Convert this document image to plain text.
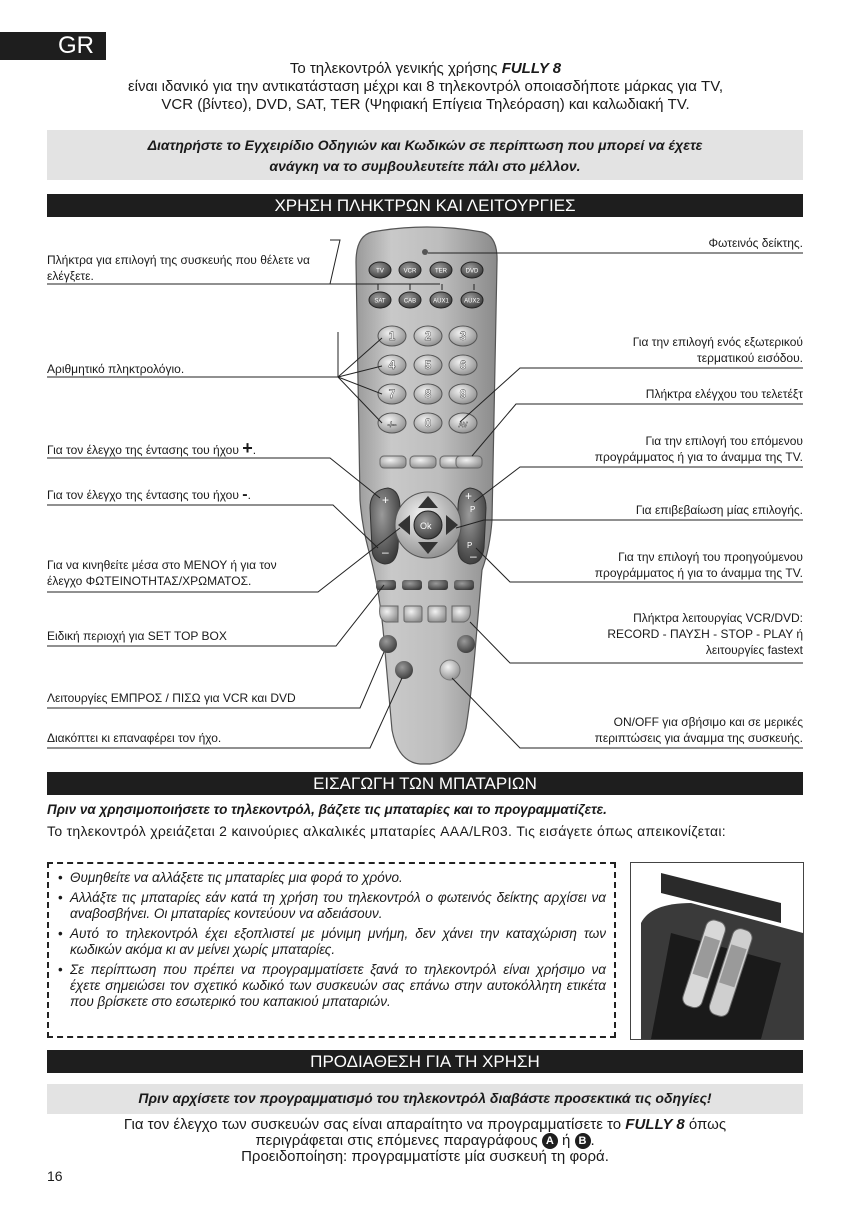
GR
Το τηλεκοντρόλ γενικής χρήσης FULLY 8
είναι ιδανικό για την αντικατάσταση μέχρι και 8 τηλεκοντρόλ οποιασδήποτε μάρκας για TV,
VCR (βίντεο), DVD, SAT, TER (Ψηφιακή Επίγεια Τηλεόραση) και καλωδιακή TV.
Διατηρήστε το Εγχειρίδιο Οδηγιών και Κωδικών σε περίπτωση που μπορεί να έχετε
ανάγκη να το συμβουλευτείτε πάλι στο μέλλον.
ΧΡΗΣΗ ΠΛΗΚΤΡΩΝ ΚΑΙ ΛΕΙΤΟΥΡΓΙΕΣ
TV	VCR	TER	DVD
SAT	CAB	AUX1	AUX2
1 2 3
4 5 6
7 8 9
-/-- 0	AV
+
–
+
P
P
–
Ok
Πλήκτρα για επιλογή της συσκευής που θέλετε να
ελέγξετε.
Αριθμητικό πληκτρολόγιο.
Για τον έλεγχο της έντασης του ήχου +.
Για τον έλεγχο της έντασης του ήχου -.
Για να κινηθείτε μέσα στο ΜΕΝΟΥ ή για τον
έλεγχο ΦΩΤΕΙΝΟΤΗΤΑΣ/ΧΡΩΜΑΤΟΣ.
Ειδική περιοχή για SET TOP BOX
Λειτουργίες ΕΜΠΡΟΣ / ΠΙΣΩ για VCR και DVD
Διακόπτει κι επαναφέρει τον ήχο.
Φωτεινός δείκτης.
Για την επιλογή ενός εξωτερικού
τερματικού εισόδου.
Πλήκτρα ελέγχου του τελετέξτ
Για την επιλογή του επόμενου
προγράμματος ή για το άναμμα της TV.
Για επιβεβαίωση μίας επιλογής.
Για την επιλογή του προηγούμενου
προγράμματος ή για το άναμμα της TV.
Πλήκτρα λειτουργίας VCR/DVD:
RECORD - ΠΑΥΣΗ - STOP - PLAY ή
λειτουργίες fastext
ON/OFF για σβήσιμο και σε μερικές
περιπτώσεις για άναμμα της συσκευής.
ΕΙΣΑΓΩΓΗ ΤΩΝ ΜΠΑΤΑΡΙΩΝ
Πριν να χρησιμοποιήσετε το τηλεκοντρόλ, βάζετε τις μπαταρίες και το προγραμματίζετε.
Το τηλεκοντρόλ χρειάζεται 2 καινούριες αλκαλικές μπαταρίες AAA/LR03. Τις εισάγετε όπως απεικονίζεται:
• Θυμηθείτε να αλλάξετε τις μπαταρίες μια φορά το χρόνο.
• Αλλάξτε τις μπαταρίες εάν κατά τη χρήση του τηλεκοντρόλ ο φωτεινός δείκτης αρχίσει να αναβοσβήνει. Οι μπαταρίες κοντεύουν να αδειάσουν.
• Αυτό το τηλεκοντρόλ έχει εξοπλιστεί με μόνιμη μνήμη, δεν χάνει την καταχώριση των κωδικών ακόμα κι αν μείνει χωρίς μπαταρίες.
• Σε περίπτωση που πρέπει να προγραμματίσετε ξανά το τηλεκοντρόλ είναι χρήσιμο να έχετε σημειώσει τον σχετικό κωδικό των συσκευών σας επάνω στην αυτοκόλλητη ετικέτα που βρίσκετε στο εσωτερικό του καπακιού μπαταριών.
ΠΡΟΔΙΑΘΕΣΗ ΓΙΑ ΤΗ ΧΡΗΣΗ
Πριν αρχίσετε τον προγραμματισμό του τηλεκοντρόλ διαβάστε προσεκτικά τις οδηγίες!
Για τον έλεγχο των συσκευών σας είναι απαραίτητο να προγραμματίσετε το FULLY 8 όπως
περιγράφεται στις επόμενες παραγράφους A ή B .
Προειδοποίηση: προγραμματίστε μία συσκευή τη φορά.
16
